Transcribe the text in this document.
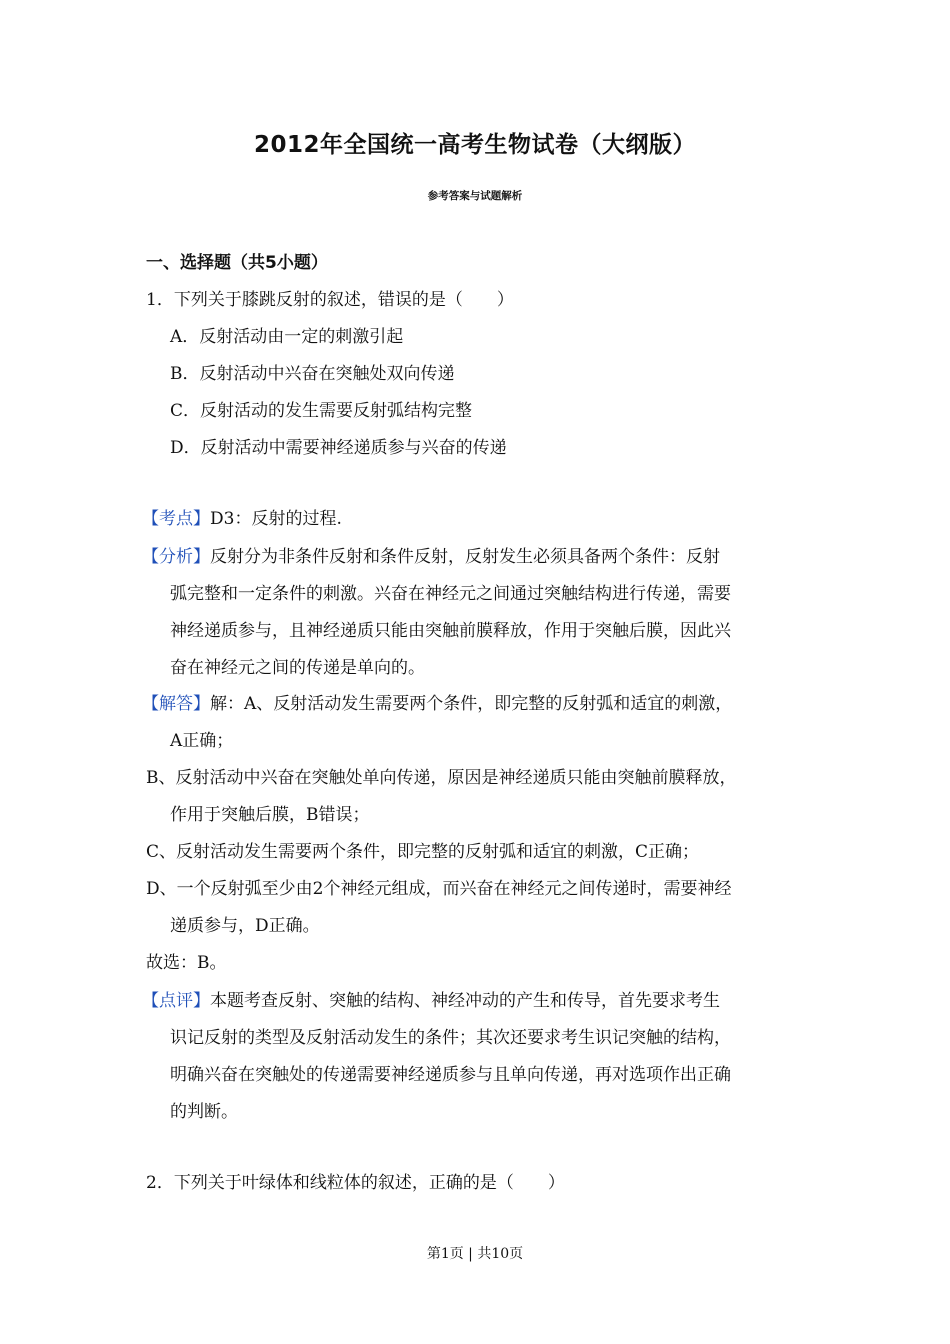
2012年全国统一高考生物试卷（大纲版）
参考答案与试题解析
一、选择题（共5小题）
1．下列关于膝跳反射的叙述，错误的是（　　）
A．反射活动由一定的刺激引起
B．反射活动中兴奋在突触处双向传递
C．反射活动的发生需要反射弧结构完整
D．反射活动中需要神经递质参与兴奋的传递
【考点】D3：反射的过程.
【分析】反射分为非条件反射和条件反射，反射发生必须具备两个条件：反射
弧完整和一定条件的刺激。兴奋在神经元之间通过突触结构进行传递，需要
神经递质参与，且神经递质只能由突触前膜释放，作用于突触后膜，因此兴
奋在神经元之间的传递是单向的。
【解答】解：A、反射活动发生需要两个条件，即完整的反射弧和适宜的刺激，
A正确；
B、反射活动中兴奋在突触处单向传递，原因是神经递质只能由突触前膜释放，
作用于突触后膜，B错误；
C、反射活动发生需要两个条件，即完整的反射弧和适宜的刺激，C正确；
D、一个反射弧至少由2个神经元组成，而兴奋在神经元之间传递时，需要神经
递质参与，D正确。
故选：B。
【点评】本题考查反射、突触的结构、神经冲动的产生和传导，首先要求考生
识记反射的类型及反射活动发生的条件；其次还要求考生识记突触的结构，
明确兴奋在突触处的传递需要神经递质参与且单向传递，再对选项作出正确
的判断。
2．下列关于叶绿体和线粒体的叙述，正确的是（　　）
第1页 | 共10页
